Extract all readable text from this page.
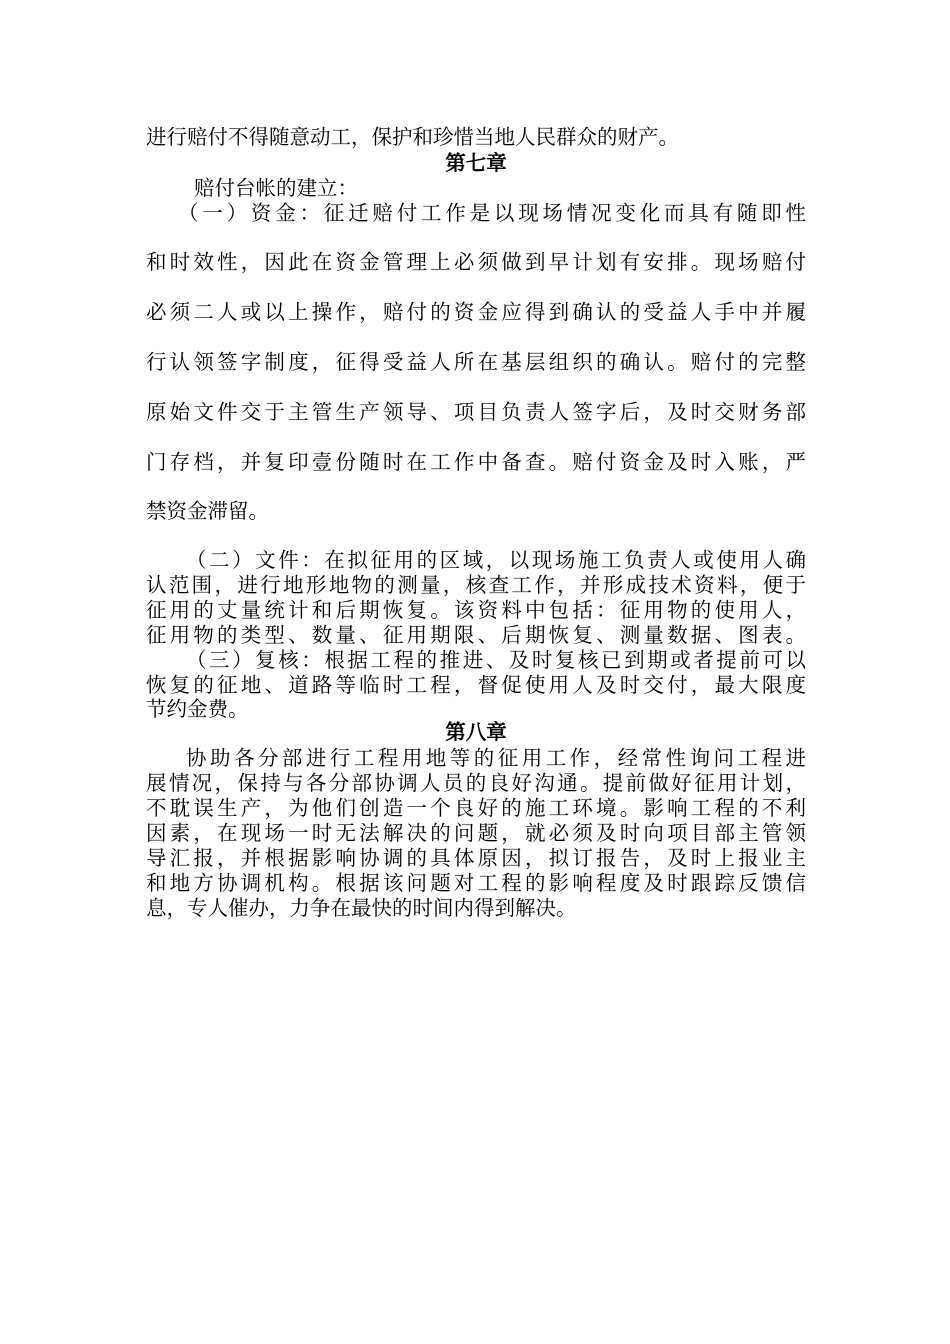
进行赔付不得随意动工，保护和珍惜当地人民群众的财产。
第七章
赔付台帐的建立：
（一）资金：征迁赔付工作是以现场情况变化而具有随即性
和时效性，因此在资金管理上必须做到早计划有安排。现场赔付
必须二人或以上操作，赔付的资金应得到确认的受益人手中并履
行认领签字制度，征得受益人所在基层组织的确认。赔付的完整
原始文件交于主管生产领导、项目负责人签字后，及时交财务部
门存档，并复印壹份随时在工作中备查。赔付资金及时入账，严
禁资金滞留。
（二）文件：在拟征用的区域，以现场施工负责人或使用人确
认范围，进行地形地物的测量，核查工作，并形成技术资料，便于
征用的丈量统计和后期恢复。该资料中包括：征用物的使用人，
征用物的类型、数量、征用期限、后期恢复、测量数据、图表。
（三）复核：根据工程的推进、及时复核已到期或者提前可以
恢复的征地、道路等临时工程，督促使用人及时交付，最大限度
节约金费。
第八章
协助各分部进行工程用地等的征用工作，经常性询问工程进
展情况，保持与各分部协调人员的良好沟通。提前做好征用计划，
不耽误生产，为他们创造一个良好的施工环境。影响工程的不利
因素，在现场一时无法解决的问题，就必须及时向项目部主管领
导汇报，并根据影响协调的具体原因，拟订报告，及时上报业主
和地方协调机构。根据该问题对工程的影响程度及时跟踪反馈信
息，专人催办，力争在最快的时间内得到解决。
